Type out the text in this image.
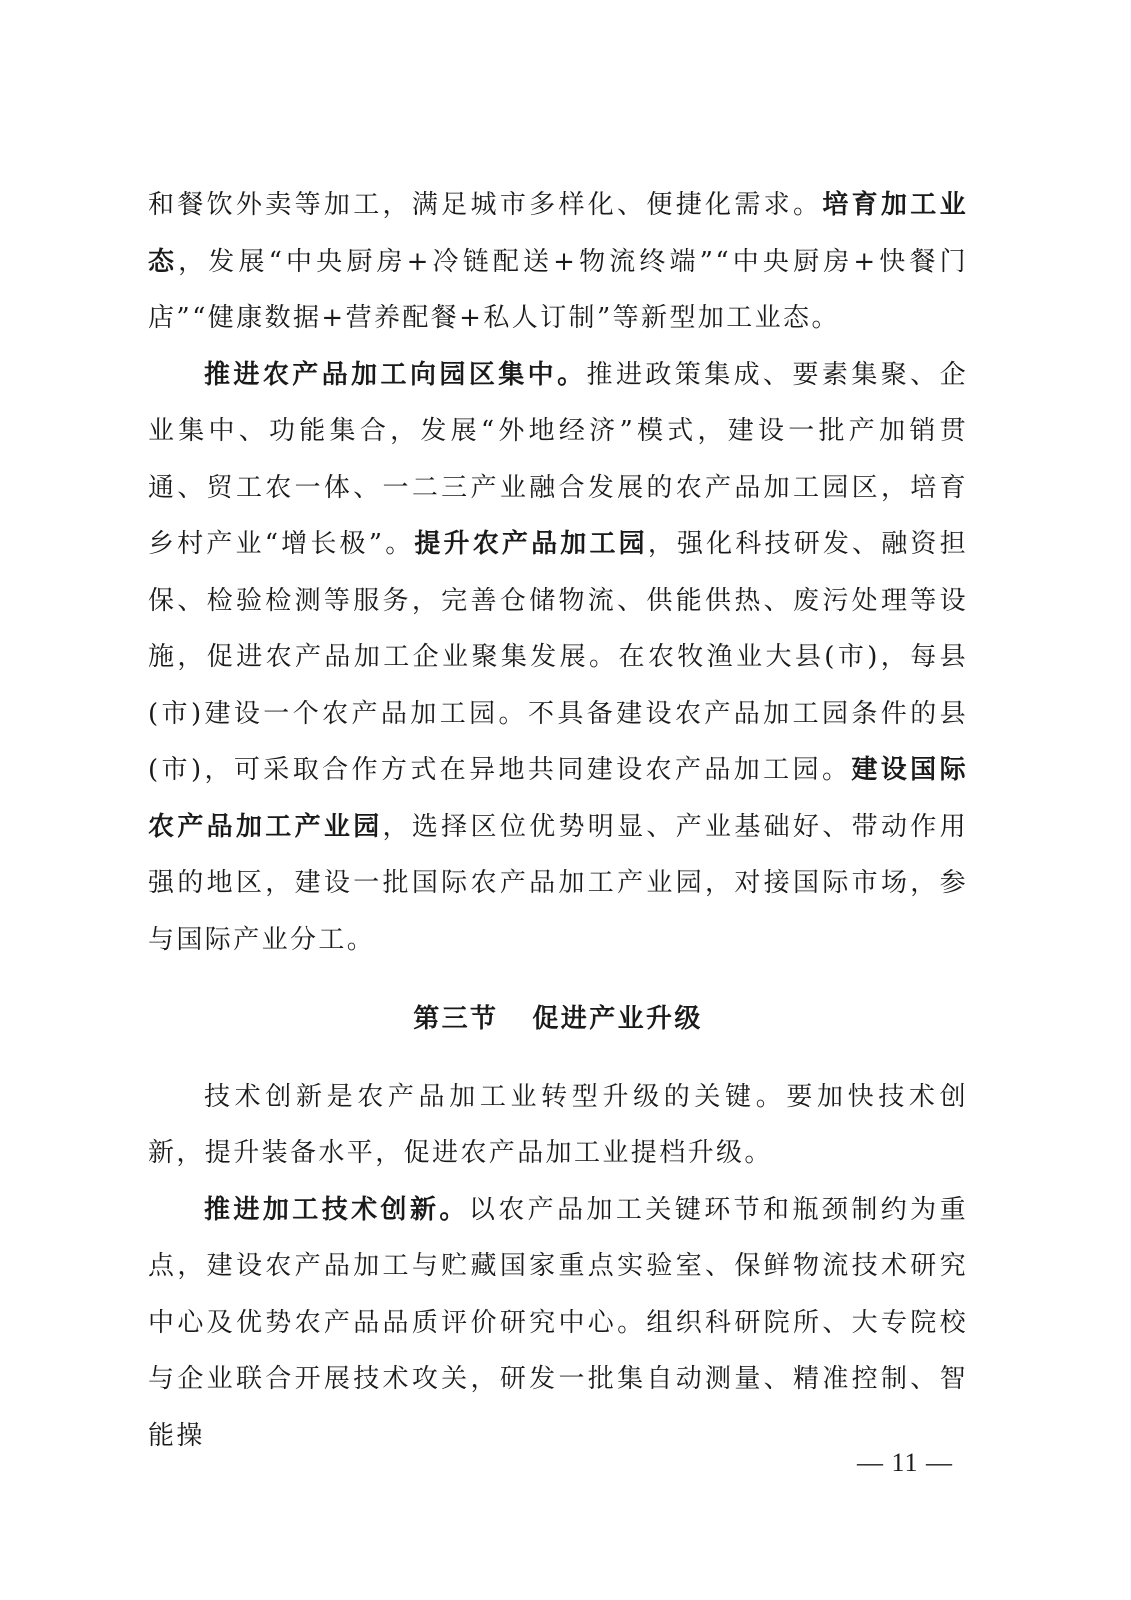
和餐饮外卖等加工，满足城市多样化、便捷化需求。培育加工业态，发展“中央厨房+冷链配送+物流终端”“中央厨房+快餐门店”“健康数据+营养配餐+私人订制”等新型加工业态。

推进农产品加工向园区集中。推进政策集成、要素集聚、企业集中、功能集合，发展“外地经济”模式，建设一批产加销贯通、贸工农一体、一二三产业融合发展的农产品加工园区，培育乡村产业“增长极”。提升农产品加工园，强化科技研发、融资担保、检验检测等服务，完善仓储物流、供能供热、废污处理等设施，促进农产品加工企业聚集发展。在农牧渔业大县(市)，每县(市)建设一个农产品加工园。不具备建设农产品加工园条件的县(市)，可采取合作方式在异地共同建设农产品加工园。建设国际农产品加工产业园，选择区位优势明显、产业基础好、带动作用强的地区，建设一批国际农产品加工产业园，对接国际市场，参与国际产业分工。

第三节 促进产业升级

技术创新是农产品加工业转型升级的关键。要加快技术创新，提升装备水平，促进农产品加工业提档升级。

推进加工技术创新。以农产品加工关键环节和瓶颈制约为重点，建设农产品加工与贮藏国家重点实验室、保鲜物流技术研究中心及优势农产品品质评价研究中心。组织科研院所、大专院校与企业联合开展技术攻关，研发一批集自动测量、精准控制、智能操

— 11 —
